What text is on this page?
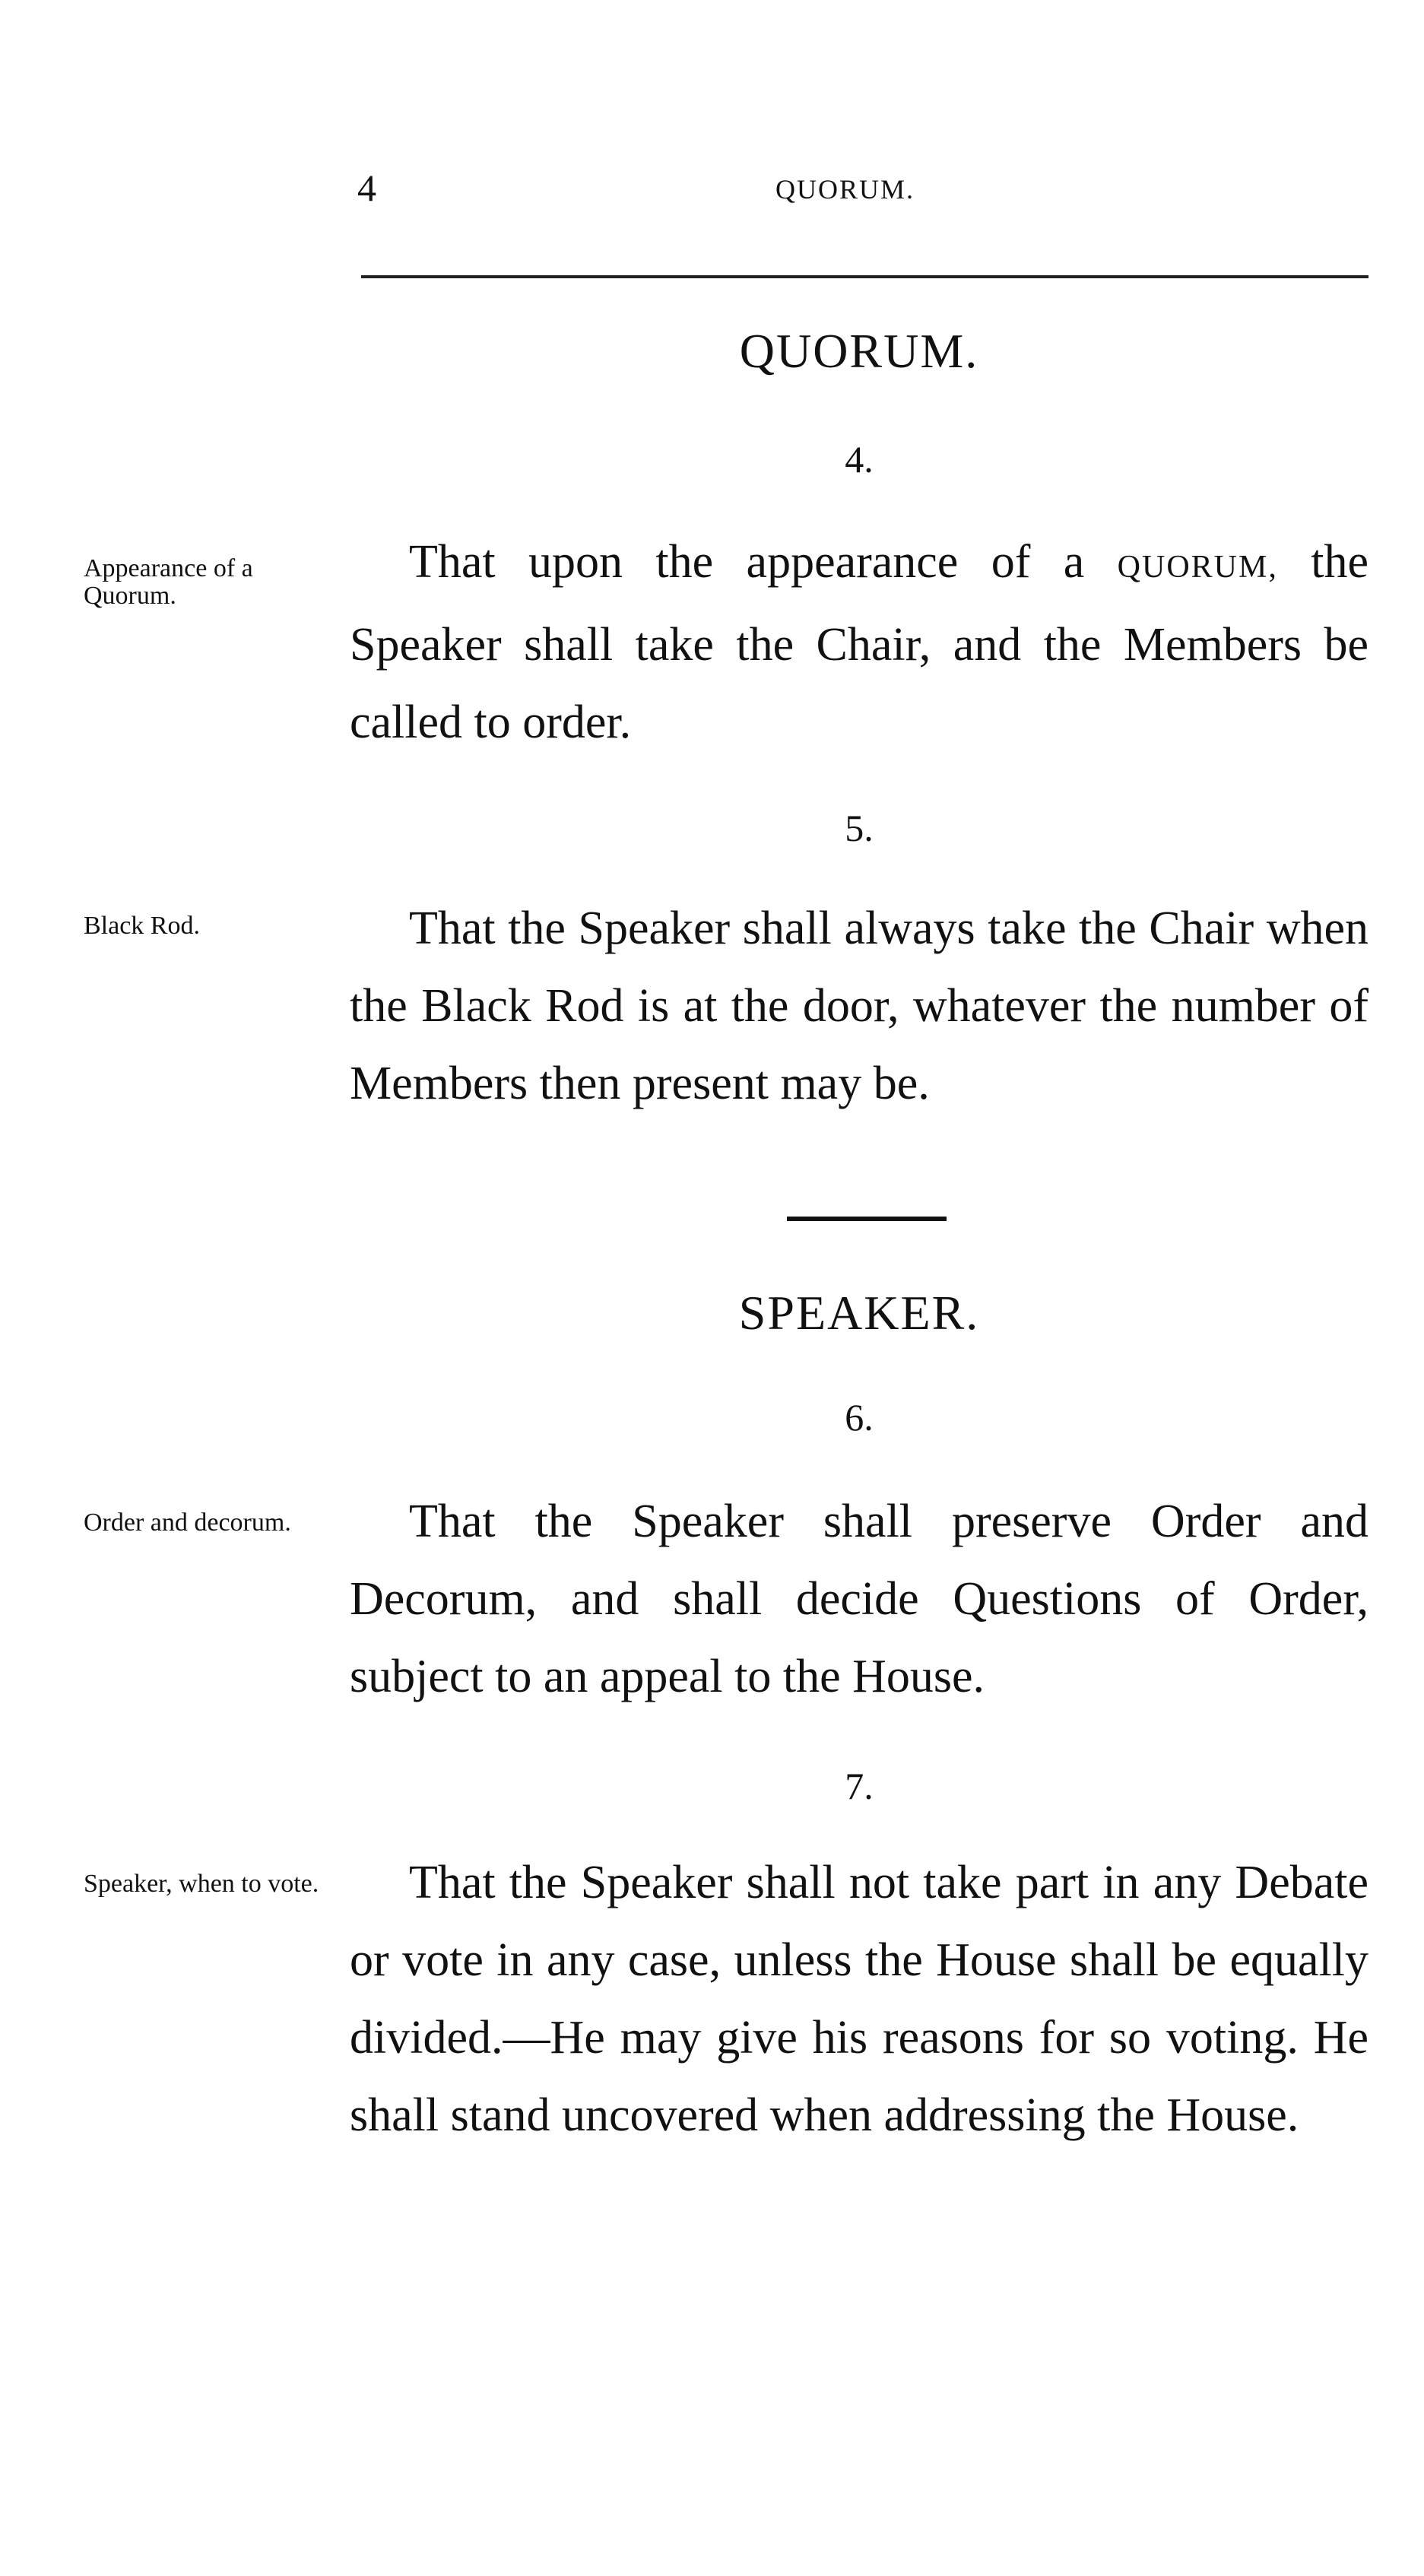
4	QUORUM.
QUORUM.
4.
Appearance of a Quorum.

That upon the appearance of a QUORUM, the Speaker shall take the Chair, and the Members be called to order.

5.
Black Rod.	That the Speaker shall always take the Chair when the Black Rod is at the door, whatever the number of Members then present may be.

SPEAKER.
6.
Order and decorum.	That the Speaker shall preserve Order and Decorum, and shall decide Questions of Order, subject to an appeal to the House.

7.
Speaker, when to vote.	That the Speaker shall not take part in any Debate or vote in any case, unless the House shall be equally divided.—He may give his reasons for so voting. He shall stand uncovered when addressing the House.
